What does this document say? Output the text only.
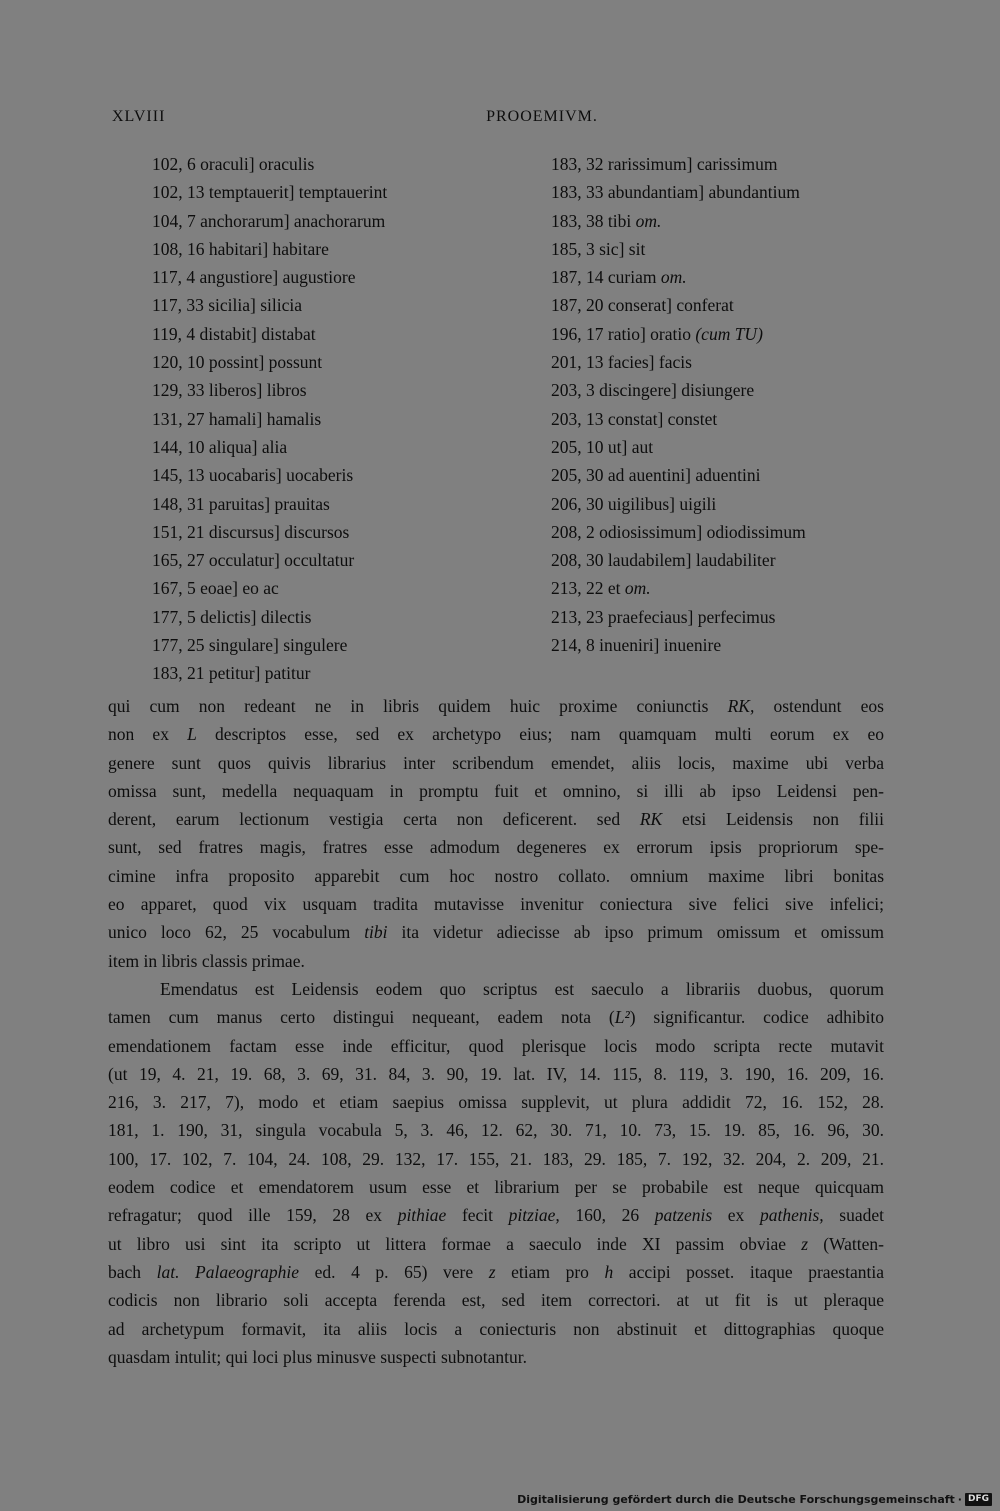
XLVIII	PROOEMIVM.
102, 6 oraculi] oraculis
102, 13 temptauerit] temptauerint
104, 7 anchorarum] anachorarum
108, 16 habitari] habitare
117, 4 angustiore] augustiore
117, 33 sicilia] silicia
119, 4 distabit] distabat
120, 10 possint] possunt
129, 33 liberos] libros
131, 27 hamali] hamalis
144, 10 aliqua] alia
145, 13 uocabaris] uocaberis
148, 31 paruitas] prauitas
151, 21 discursus] discursos
165, 27 occulatur] occultatur
167, 5 eoae] eo ac
177, 5 delictis] dilectis
177, 25 singulare] singulere
183, 21 petitur] patitur
183, 32 rarissimum] carissimum
183, 33 abundantiam] abundantium
183, 38 tibi om.
185, 3 sic] sit
187, 14 curiam om.
187, 20 conserat] conferat
196, 17 ratio] oratio (cum TU)
201, 13 facies] facis
203, 3 discingere] disiungere
203, 13 constat] constet
205, 10 ut] aut
205, 30 ad auentini] aduentini
206, 30 uigilibus] uigili
208, 2 odiosissimum] odiodissimum
208, 30 laudabilem] laudabiliter
213, 22 et om.
213, 23 praefeciaus] perfecimus
214, 8 inueniri] inuenire
qui cum non redeant ne in libris quidem huic proxime coniunctis RK, ostendunt eos
non ex L descriptos esse, sed ex archetypo eius; nam quamquam multi eorum ex eo
genere sunt quos quivis librarius inter scribendum emendet, aliis locis, maxime ubi verba
omissa sunt, medella nequaquam in promptu fuit et omnino, si illi ab ipso Leidensi pen-
derent, earum lectionum vestigia certa non deficerent. sed RK etsi Leidensis non filii
sunt, sed fratres magis, fratres esse admodum degeneres ex errorum ipsis propriorum spe-
cimine infra proposito apparebit cum hoc nostro collato. omnium maxime libri bonitas
eo apparet, quod vix usquam tradita mutavisse invenitur coniectura sive felici sive infelici;
unico loco 62, 25 vocabulum tibi ita videtur adiecisse ab ipso primum omissum et omissum
item in libris classis primae.
Emendatus est Leidensis eodem quo scriptus est saeculo a librariis duobus, quorum
tamen cum manus certo distingui nequeant, eadem nota (L²) significantur. codice adhibito
emendationem factam esse inde efficitur, quod plerisque locis modo scripta recte mutavit
(ut 19, 4. 21, 19. 68, 3. 69, 31. 84, 3. 90, 19. lat. IV, 14. 115, 8. 119, 3. 190, 16. 209, 16.
216, 3. 217, 7), modo et etiam saepius omissa supplevit, ut plura addidit 72, 16. 152, 28.
181, 1. 190, 31, singula vocabula 5, 3. 46, 12. 62, 30. 71, 10. 73, 15. 19. 85, 16. 96, 30.
100, 17. 102, 7. 104, 24. 108, 29. 132, 17. 155, 21. 183, 29. 185, 7. 192, 32. 204, 2. 209, 21.
eodem codice et emendatorem usum esse et librarium per se probabile est neque quicquam
refragatur; quod ille 159, 28 ex pithiae fecit pitziae, 160, 26 patzenis ex pathenis, suadet
ut libro usi sint ita scripto ut littera formae a saeculo inde XI passim obviae z (Watten-
bach lat. Palaeographie ed. 4 p. 65) vere z etiam pro h accipi posset. itaque praestantia
codicis non librario soli accepta ferenda est, sed item correctori. at ut fit is ut pleraque
ad archetypum formavit, ita aliis locis a coniecturis non abstinuit et dittographias quoque
quasdam intulit; qui loci plus minusve suspecti subnotantur.
Digitalisierung gefördert durch die Deutsche Forschungsgemeinschaft · DFG
